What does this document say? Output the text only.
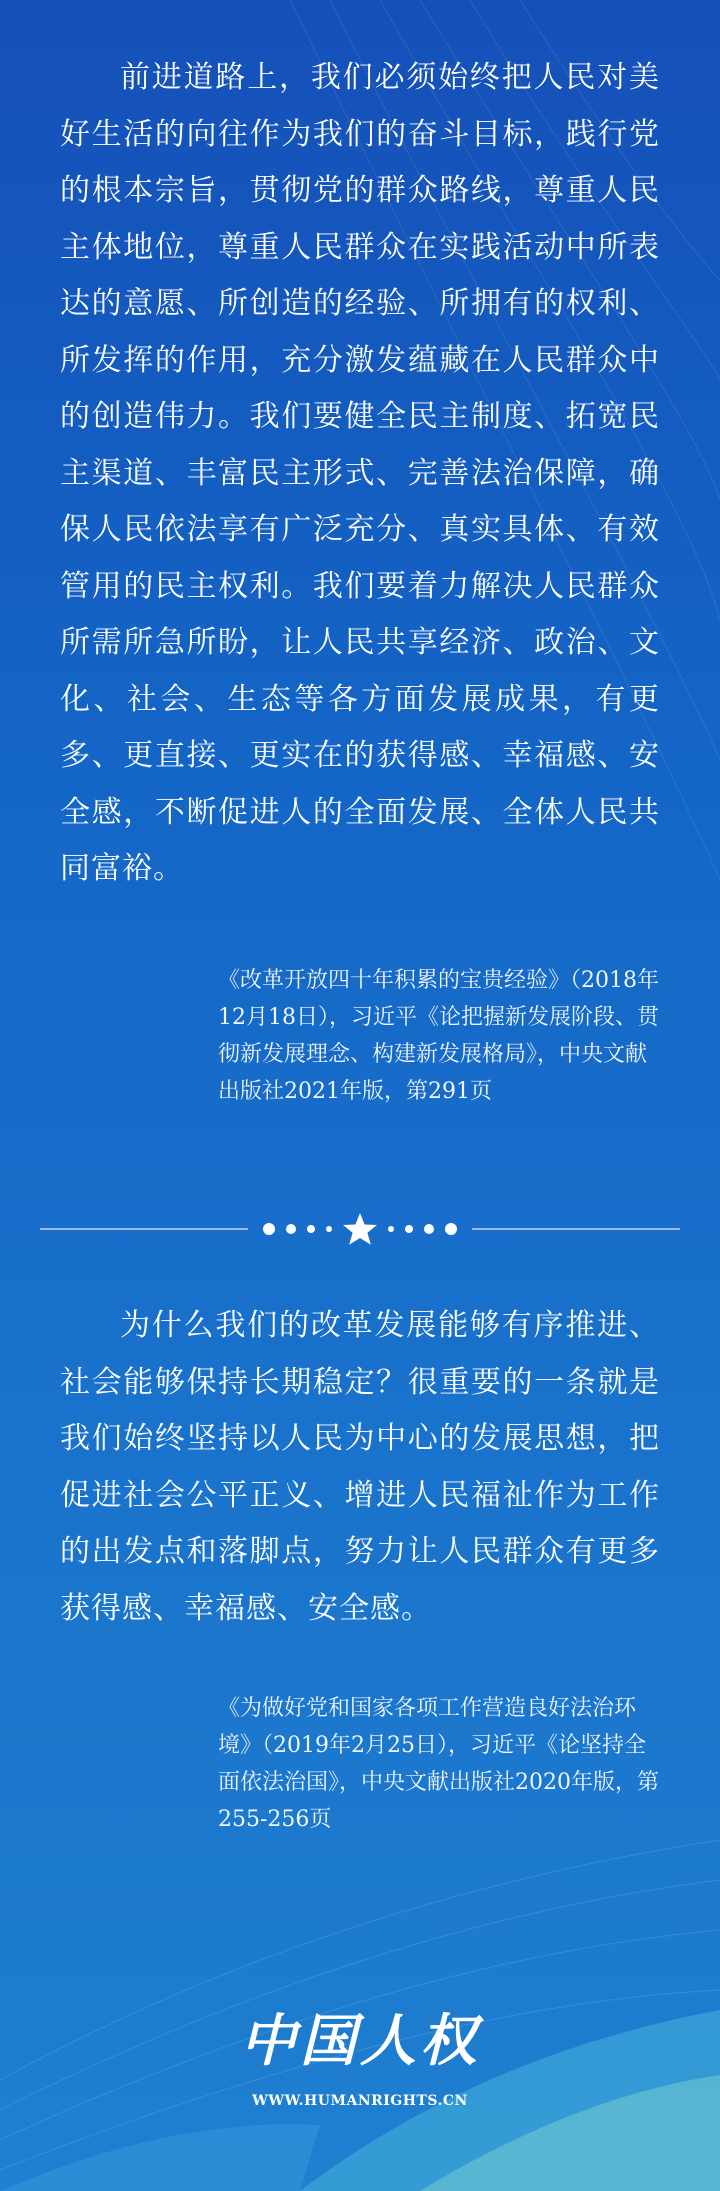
前进道路上，我们必须始终把人民对美好生活的向往作为我们的奋斗目标，践行党的根本宗旨，贯彻党的群众路线，尊重人民主体地位，尊重人民群众在实践活动中所表达的意愿、所创造的经验、所拥有的权利、所发挥的作用，充分激发蕴藏在人民群众中的创造伟力。我们要健全民主制度、拓宽民主渠道、丰富民主形式、完善法治保障，确保人民依法享有广泛充分、真实具体、有效管用的民主权利。我们要着力解决人民群众所需所急所盼，让人民共享经济、政治、文化、社会、生态等各方面发展成果，有更多、更直接、更实在的获得感、幸福感、安全感，不断促进人的全面发展、全体人民共同富裕。

《改革开放四十年积累的宝贵经验》（2018年12月18日），习近平《论把握新发展阶段、贯彻新发展理念、构建新发展格局》，中央文献出版社2021年版，第291页

为什么我们的改革发展能够有序推进、社会能够保持长期稳定？很重要的一条就是我们始终坚持以人民为中心的发展思想，把促进社会公平正义、增进人民福祉作为工作的出发点和落脚点，努力让人民群众有更多获得感、幸福感、安全感。

《为做好党和国家各项工作营造良好法治环境》（2019年2月25日），习近平《论坚持全面依法治国》，中央文献出版社2020年版，第255-256页

中国人权
WWW.HUMANRIGHTS.CN
